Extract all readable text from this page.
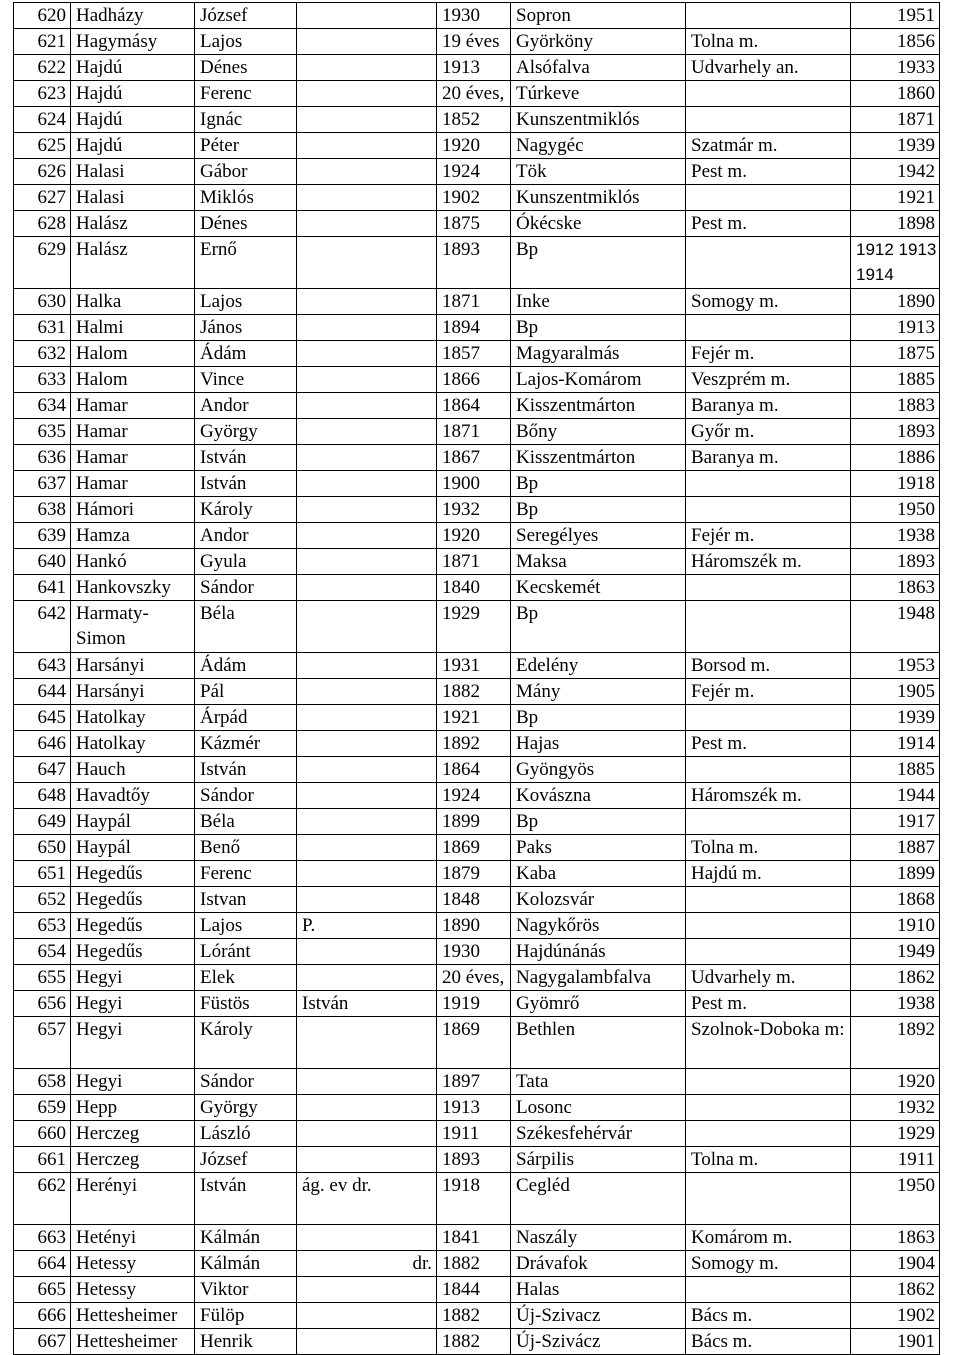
620	Hadházy	József		1930	Sopron		1951
621	Hagymásy	Lajos		19 éves	Györköny	Tolna m.	1856
622	Hajdú	Dénes		1913	Alsófalva	Udvarhely an.	1933
623	Hajdú	Ferenc		20 éves,	Túrkeve		1860
624	Hajdú	Ignác		1852	Kunszentmiklós		1871
625	Hajdú	Péter		1920	Nagygéc	Szatmár m.	1939
626	Halasi	Gábor		1924	Tök	Pest m.	1942
627	Halasi	Miklós		1902	Kunszentmiklós		1921
628	Halász	Dénes		1875	Ókécske	Pest m.	1898
629	Halász	Ernő		1893	Bp		1912 1913 1914
630	Halka	Lajos		1871	Inke	Somogy m.	1890
631	Halmi	János		1894	Bp		1913
632	Halom	Ádám		1857	Magyaralmás	Fejér m.	1875
633	Halom	Vince		1866	Lajos-Komárom	Veszprém m.	1885
634	Hamar	Andor		1864	Kisszentmárton	Baranya m.	1883
635	Hamar	György		1871	Bőny	Győr m.	1893
636	Hamar	István		1867	Kisszentmárton	Baranya m.	1886
637	Hamar	István		1900	Bp		1918
638	Hámori	Károly		1932	Bp		1950
639	Hamza	Andor		1920	Seregélyes	Fejér m.	1938
640	Hankó	Gyula		1871	Maksa	Háromszék m.	1893
641	Hankovszky	Sándor		1840	Kecskemét		1863
642	Harmaty-Simon	Béla		1929	Bp		1948
643	Harsányi	Ádám		1931	Edelény	Borsod m.	1953
644	Harsányi	Pál		1882	Mány	Fejér m.	1905
645	Hatolkay	Árpád		1921	Bp		1939
646	Hatolkay	Kázmér		1892	Hajas	Pest m.	1914
647	Hauch	István		1864	Gyöngyös		1885
648	Havadtőy	Sándor		1924	Kovászna	Háromszék m.	1944
649	Haypál	Béla		1899	Bp		1917
650	Haypál	Benő		1869	Paks	Tolna m.	1887
651	Hegedűs	Ferenc		1879	Kaba	Hajdú m.	1899
652	Hegedűs	Istvan		1848	Kolozsvár		1868
653	Hegedűs	Lajos	P.	1890	Nagykőrös		1910
654	Hegedűs	Lóránt		1930	Hajdúnánás		1949
655	Hegyi	Elek		20 éves,	Nagygalambfalva	Udvarhely m.	1862
656	Hegyi	Füstös	István	1919	Gyömrő	Pest m.	1938
657	Hegyi	Károly		1869	Bethlen	Szolnok-Doboka m:	1892
658	Hegyi	Sándor		1897	Tata		1920
659	Hepp	György		1913	Losonc		1932
660	Herczeg	László		1911	Székesfehérvár		1929
661	Herczeg	József		1893	Sárpilis	Tolna m.	1911
662	Herényi	István	ág. ev dr.	1918	Cegléd		1950
663	Hetényi	Kálmán		1841	Naszály	Komárom m.	1863
664	Hetessy	Kálmán	dr.	1882	Drávafok	Somogy m.	1904
665	Hetessy	Viktor		1844	Halas		1862
666	Hettesheimer	Fülöp		1882	Új-Szivacz	Bács m.	1902
667	Hettesheimer	Henrik		1882	Új-Szivácz	Bács m.	1901
